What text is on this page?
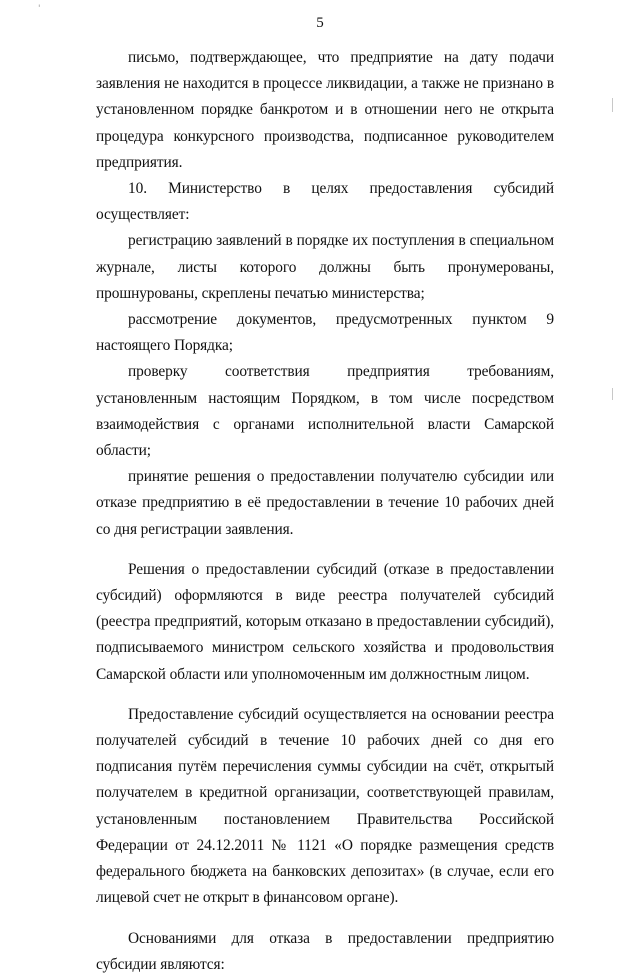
'
5

письмо, подтверждающее, что предприятие на дату подачи заявления не находится в процессе ликвидации, а также не признано в установленном порядке банкротом и в отношении него не открыта процедура конкурсного производства, подписанное руководителем предприятия.

10. Министерство в целях предоставления субсидий осуществляет:

регистрацию заявлений в порядке их поступления в специальном журнале, листы которого должны быть пронумерованы, прошнурованы, скреплены печатью министерства;

рассмотрение документов, предусмотренных пунктом 9 настоящего Порядка;

проверку соответствия предприятия требованиям, установленным настоящим Порядком, в том числе посредством взаимодействия с органами исполнительной власти Самарской области;

принятие решения о предоставлении получателю субсидии или отказе предприятию в её предоставлении в течение 10 рабочих дней со дня регистрации заявления.

Решения о предоставлении субсидий (отказе в предоставлении субсидий) оформляются в виде реестра получателей субсидий (реестра предприятий, которым отказано в предоставлении субсидий), подписываемого министром сельского хозяйства и продовольствия Самарской области или уполномоченным им должностным лицом.

Предоставление субсидий осуществляется на основании реестра получателей субсидий в течение 10 рабочих дней со дня его подписания путём перечисления суммы субсидии на счёт, открытый получателем в кредитной организации, соответствующей правилам, установленным постановлением Правительства Российской Федерации от 24.12.2011 № 1121 «О порядке размещения средств федерального бюджета на банковских депозитах» (в случае, если его лицевой счет не открыт в финансовом органе).

Основаниями для отказа в предоставлении предприятию субсидии являются:
